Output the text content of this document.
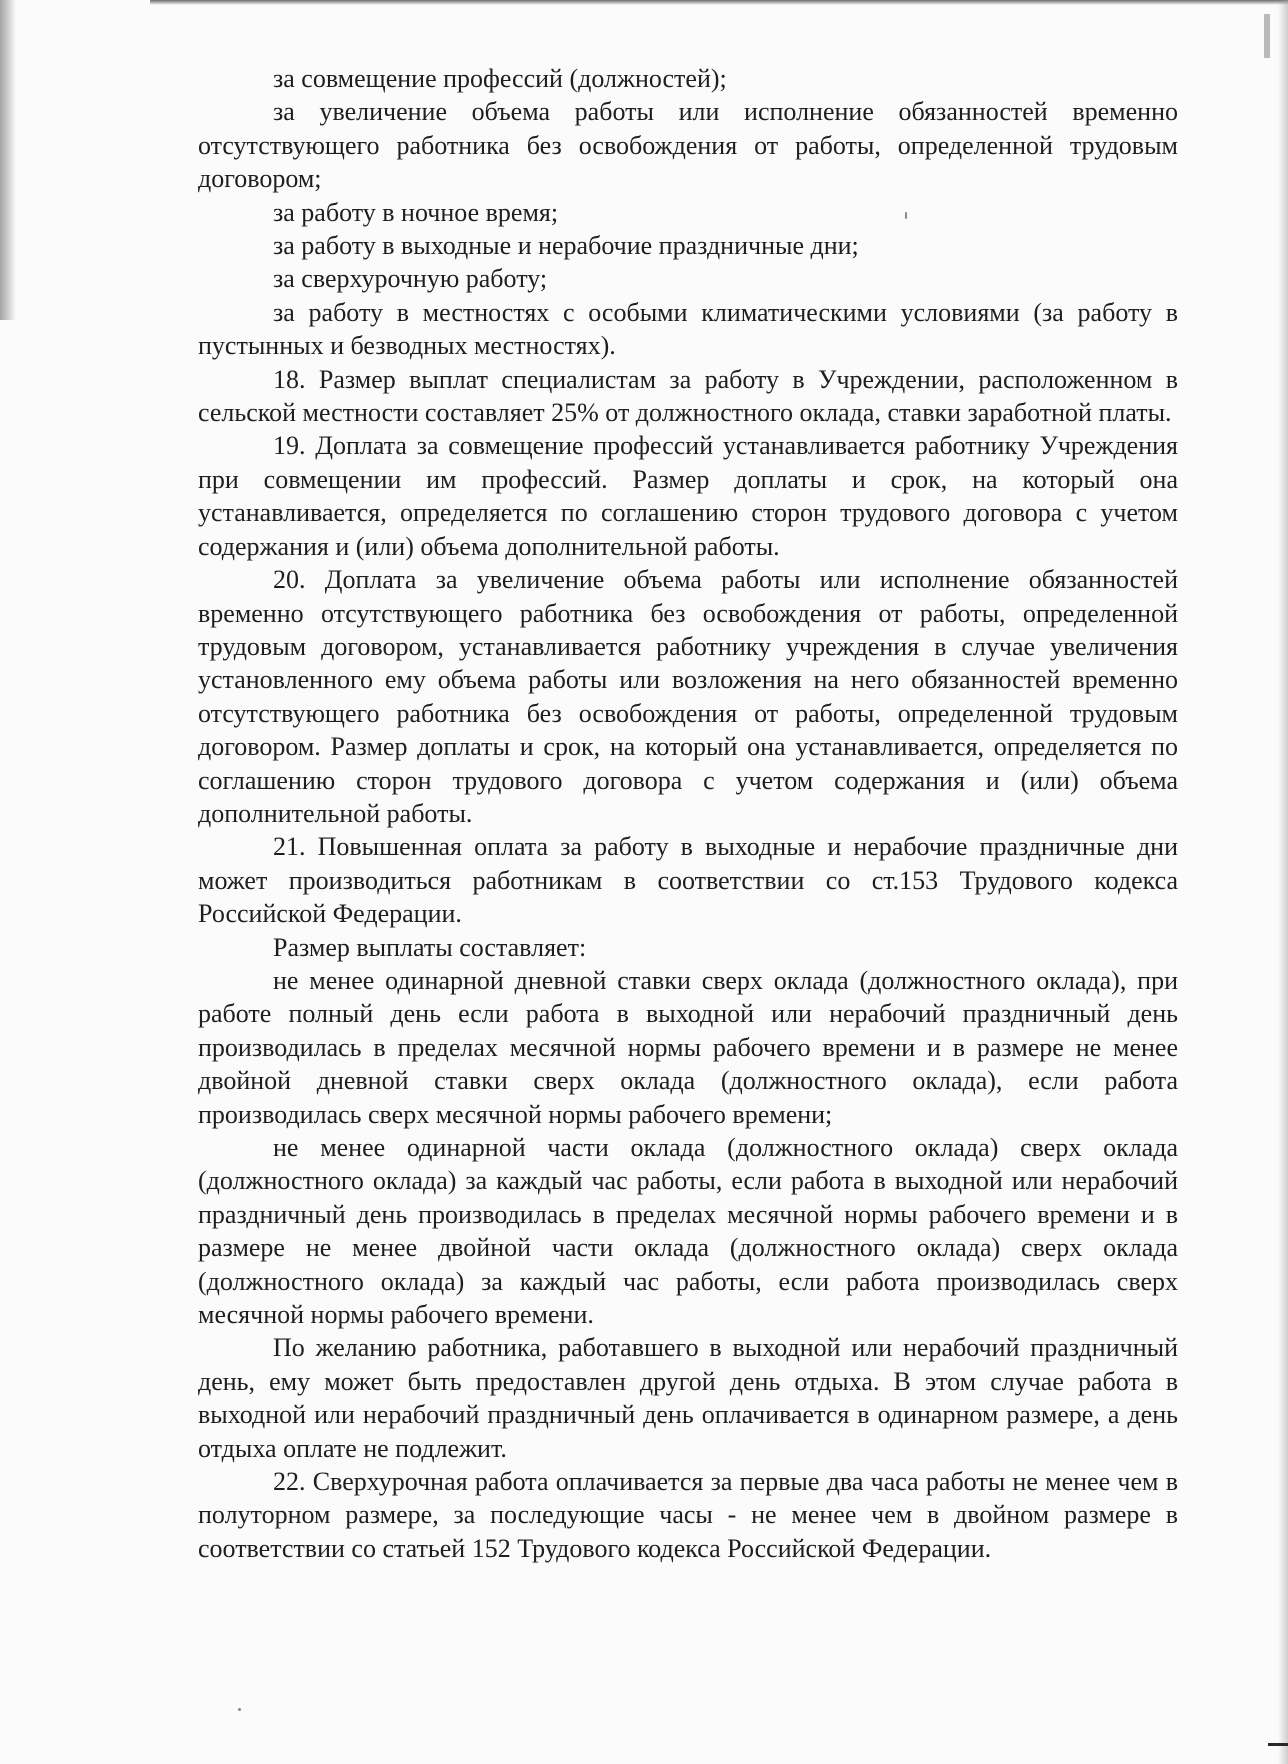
за совмещение профессий (должностей);

за увеличение объема работы или исполнение обязанностей временно отсутствующего работника без освобождения от работы, определенной трудовым договором;

за работу в ночное время;

за работу в выходные и нерабочие праздничные дни;

за сверхурочную работу;

за работу в местностях с особыми климатическими условиями (за работу в пустынных и безводных местностях).

18. Размер выплат специалистам за работу в Учреждении, расположенном в сельской местности составляет 25% от должностного оклада, ставки заработной платы.

19. Доплата за совмещение профессий устанавливается работнику Учреждения при совмещении им профессий. Размер доплаты и срок, на который она устанавливается, определяется по соглашению сторон трудового договора с учетом содержания и (или) объема дополнительной работы.

20. Доплата за увеличение объема работы или исполнение обязанностей временно отсутствующего работника без освобождения от работы, определенной трудовым договором, устанавливается работнику учреждения в случае увеличения установленного ему объема работы или возложения на него обязанностей временно отсутствующего работника без освобождения от работы, определенной трудовым договором. Размер доплаты и срок, на который она устанавливается, определяется по соглашению сторон трудового договора с учетом содержания и (или) объема дополнительной работы.

21. Повышенная оплата за работу в выходные и нерабочие праздничные дни может производиться работникам в соответствии со ст.153 Трудового кодекса Российской Федерации.

Размер выплаты составляет:

не менее одинарной дневной ставки сверх оклада (должностного оклада), при работе полный день если работа в выходной или нерабочий праздничный день производилась в пределах месячной нормы рабочего времени и в размере не менее двойной дневной ставки сверх оклада (должностного оклада), если работа производилась сверх месячной нормы рабочего времени;

не менее одинарной части оклада (должностного оклада) сверх оклада (должностного оклада) за каждый час работы, если работа в выходной или нерабочий праздничный день производилась в пределах месячной нормы рабочего времени и в размере не менее двойной части оклада (должностного оклада) сверх оклада (должностного оклада) за каждый час работы, если работа производилась сверх месячной нормы рабочего времени.

По желанию работника, работавшего в выходной или нерабочий праздничный день, ему может быть предоставлен другой день отдыха. В этом случае работа в выходной или нерабочий праздничный день оплачивается в одинарном размере, а день отдыха оплате не подлежит.

22. Сверхурочная работа оплачивается за первые два часа работы не менее чем в полуторном размере, за последующие часы - не менее чем в двойном размере в соответствии со статьей 152 Трудового кодекса Российской Федерации.
